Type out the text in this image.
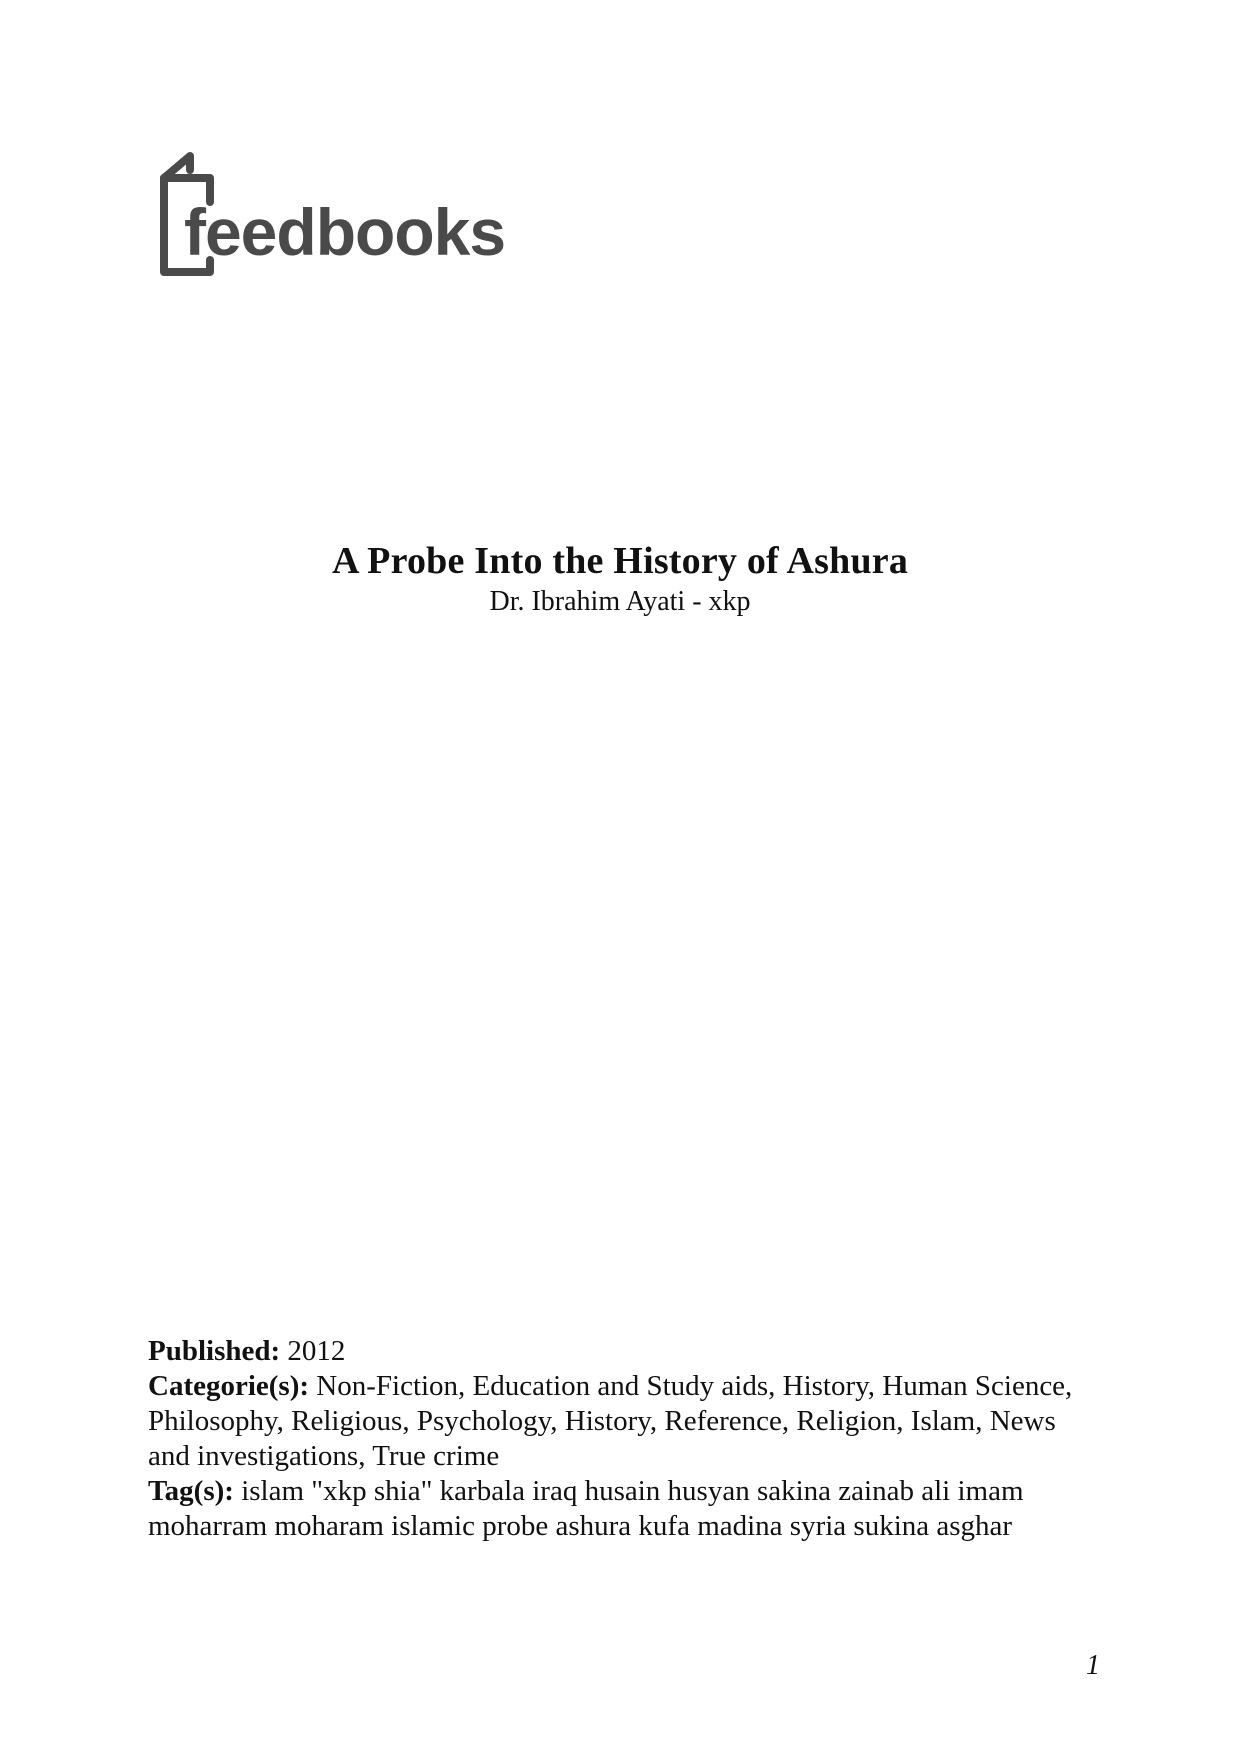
feedbooks
A Probe Into the History of Ashura

Dr. Ibrahim Ayati - xkp

Published: 2012

Categorie(s): Non-Fiction, Education and Study aids, History, Human Science, Philosophy, Religious, Psychology, History, Reference, Religion, Islam, News and investigations, True crime

Tag(s): islam "xkp shia" karbala iraq husain husyan sakina zainab ali imam moharram moharam islamic probe ashura kufa madina syria sukina asghar

1
